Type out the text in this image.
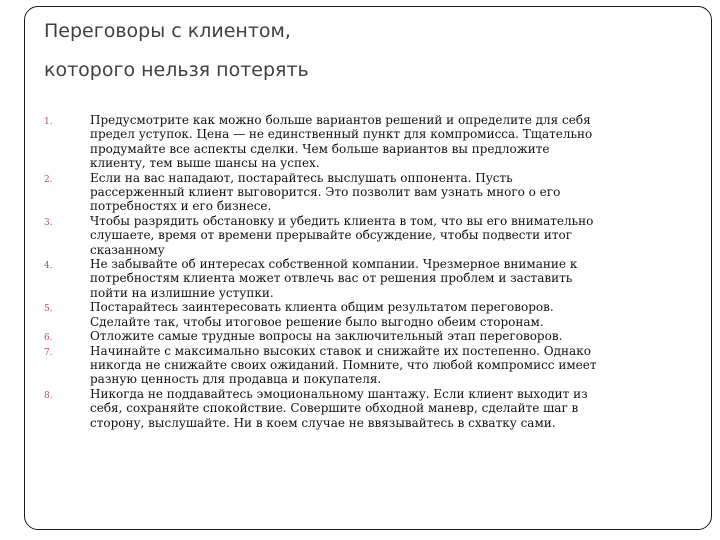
Переговоры с клиентом,
которого нельзя потерять
1.	Предусмотрите как можно больше вариантов решений и определите для себя
предел уступок. Цена — не единственный пункт для компромисса. Тщательно
продумайте все аспекты сделки. Чем больше вариантов вы предложите
клиенту, тем выше шансы на успех.
2.	Если на вас нападают, постарайтесь выслушать оппонента. Пусть
рассерженный клиент выговорится. Это позволит вам узнать много о его
потребностях и его бизнесе.
3.	Чтобы разрядить обстановку и убедить клиента в том, что вы его внимательно
слушаете, время от времени прерывайте обсуждение, чтобы подвести итог
сказанному
4.	Не забывайте об интересах собственной компании. Чрезмерное внимание к
потребностям клиента может отвлечь вас от решения проблем и заставить
пойти на излишние уступки.
5.	Постарайтесь заинтересовать клиента общим результатом переговоров.
Сделайте так, чтобы итоговое решение было выгодно обеим сторонам.
6.	Отложите самые трудные вопросы на заключительный этап переговоров.
7.	Начинайте с максимально высоких ставок и снижайте их постепенно. Однако
никогда не снижайте своих ожиданий. Помните, что любой компромисс имеет
разную ценность для продавца и покупателя.
8.	Никогда не поддавайтесь эмоциональному шантажу. Если клиент выходит из
себя, сохраняйте спокойствие. Совершите обходной маневр, сделайте шаг в
сторону, выслушайте. Ни в коем случае не ввязывайтесь в схватку сами.
